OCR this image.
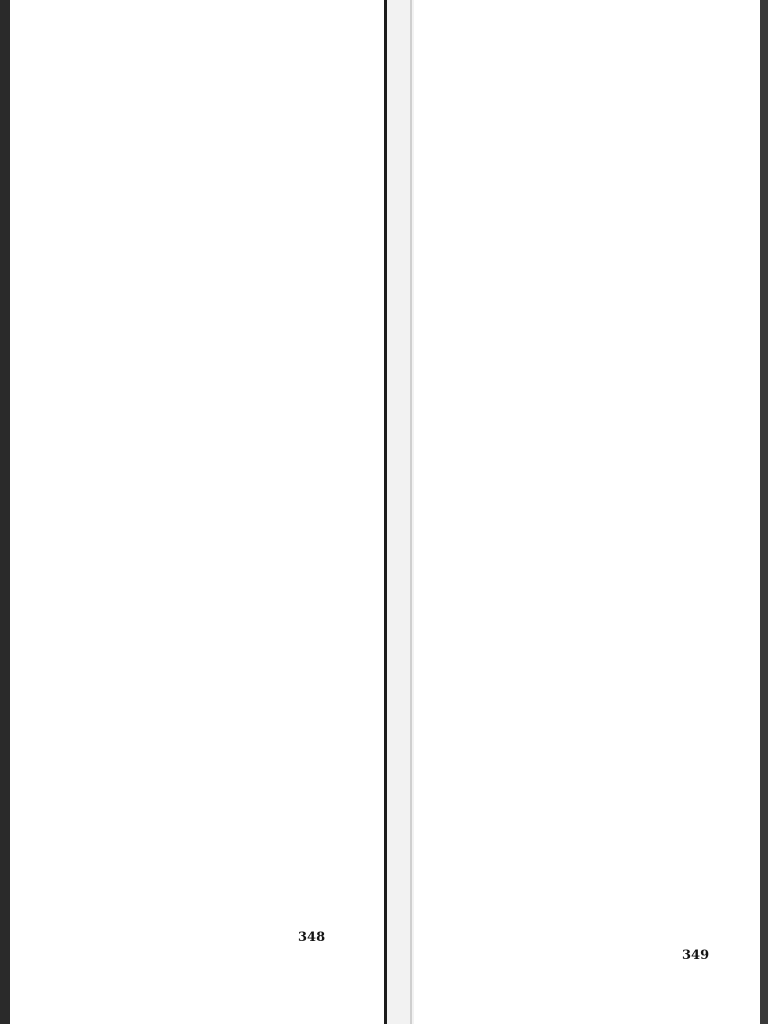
348
349
